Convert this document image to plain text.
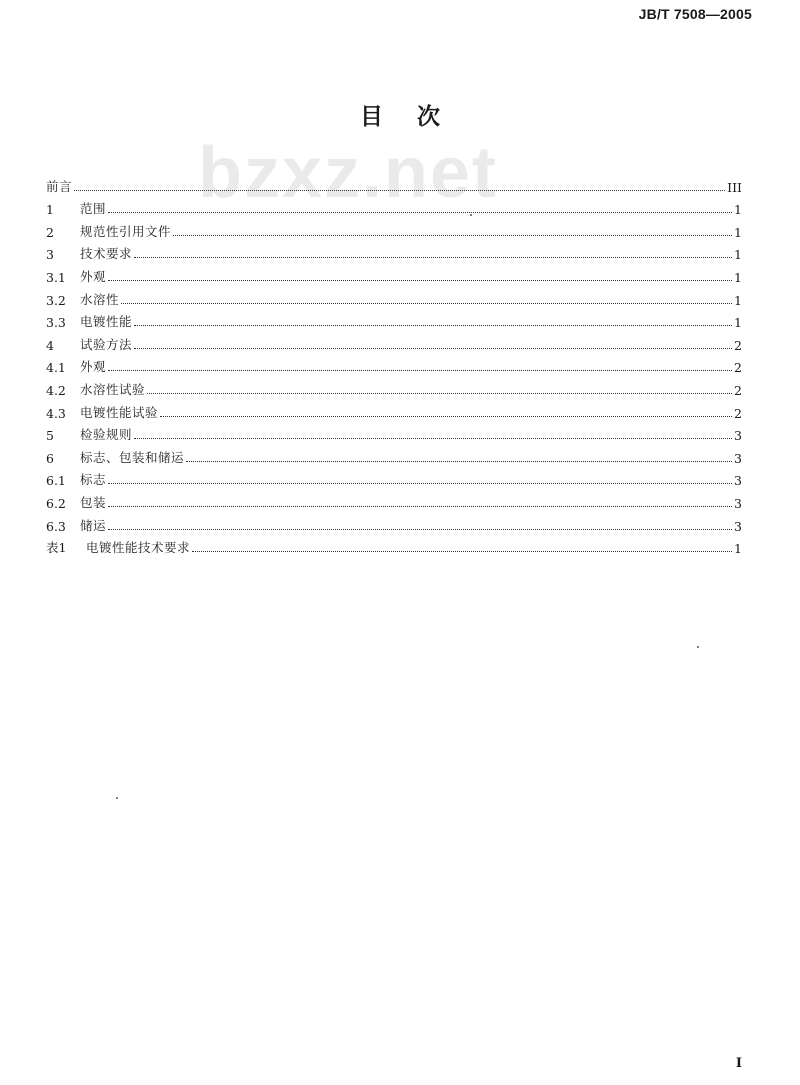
JB/T 7508—2005
bzxz.net
目次
前言	III
1	范围	1
2	规范性引用文件	1
3	技术要求	1
3.1	外观	1
3.2	水溶性	1
3.3	电镀性能	1
4	试验方法	2
4.1	外观	2
4.2	水溶性试验	2
4.3	电镀性能试验	2
5	检验规则	3
6	标志、包装和储运	3
6.1	标志	3
6.2	包装	3
6.3	储运	3
表1	电镀性能技术要求	1
I
